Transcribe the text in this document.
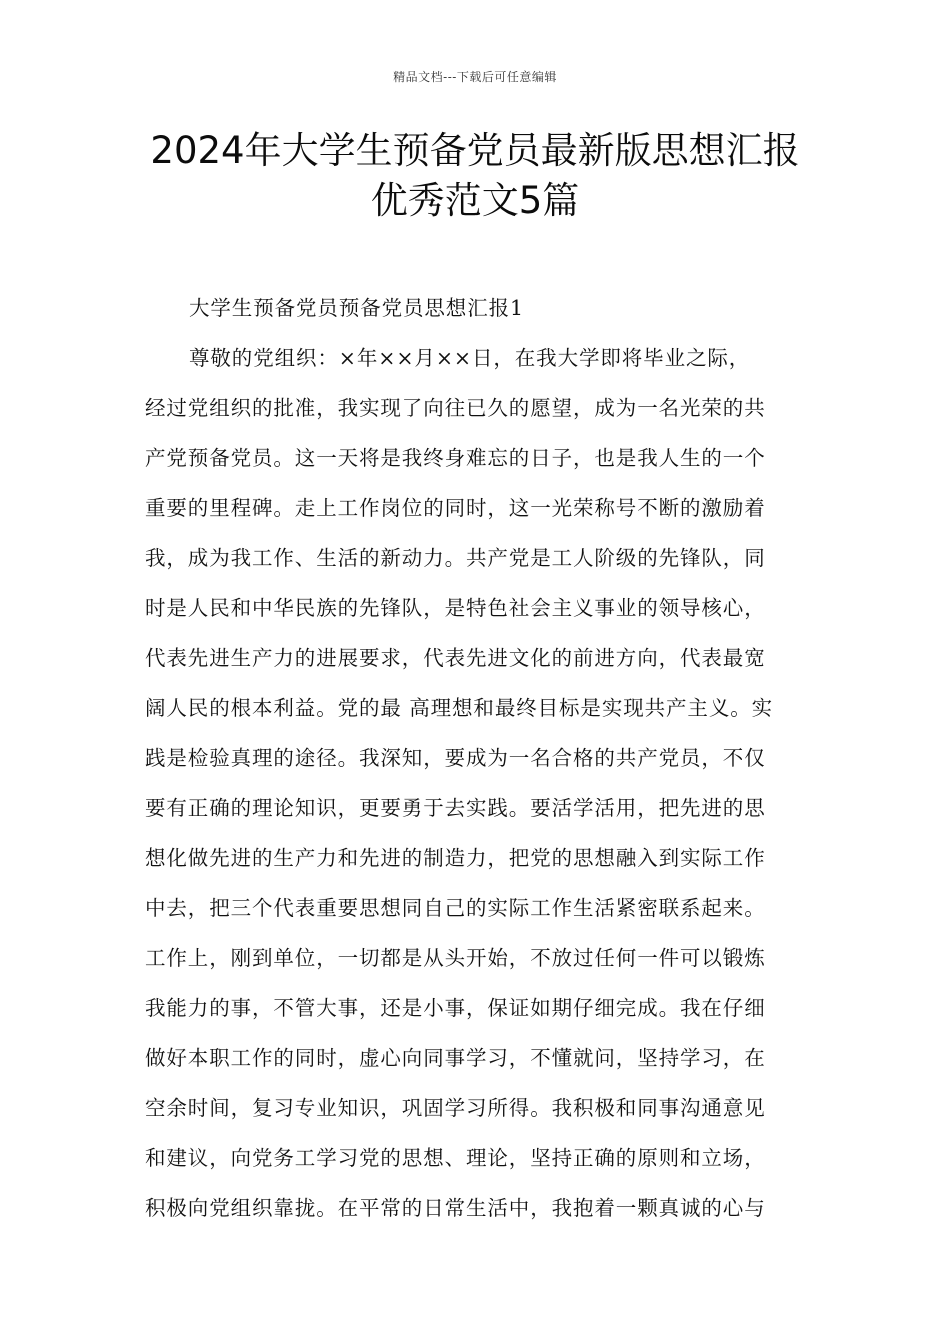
精品文档---下载后可任意编辑
2024年大学生预备党员最新版思想汇报
优秀范文5篇
大学生预备党员预备党员思想汇报1
尊敬的党组织：×年××月××日，在我大学即将毕业之际，
经过党组织的批准，我实现了向往已久的愿望，成为一名光荣的共
产党预备党员。这一天将是我终身难忘的日子，也是我人生的一个
重要的里程碑。走上工作岗位的同时，这一光荣称号不断的激励着
我，成为我工作、生活的新动力。共产党是工人阶级的先锋队，同
时是人民和中华民族的先锋队，是特色社会主义事业的领导核心，
代表先进生产力的进展要求，代表先进文化的前进方向，代表最宽
阔人民的根本利益。党的最 高理想和最终目标是实现共产主义。实
践是检验真理的途径。我深知，要成为一名合格的共产党员，不仅
要有正确的理论知识，更要勇于去实践。要活学活用，把先进的思
想化做先进的生产力和先进的制造力，把党的思想融入到实际工作
中去，把三个代表重要思想同自己的实际工作生活紧密联系起来。
工作上，刚到单位，一切都是从头开始，不放过任何一件可以锻炼
我能力的事，不管大事，还是小事，保证如期仔细完成。我在仔细
做好本职工作的同时，虚心向同事学习，不懂就问，坚持学习，在
空余时间，复习专业知识，巩固学习所得。我积极和同事沟通意见
和建议，向党务工学习党的思想、理论，坚持正确的原则和立场，
积极向党组织靠拢。在平常的日常生活中，我抱着一颗真诚的心与
